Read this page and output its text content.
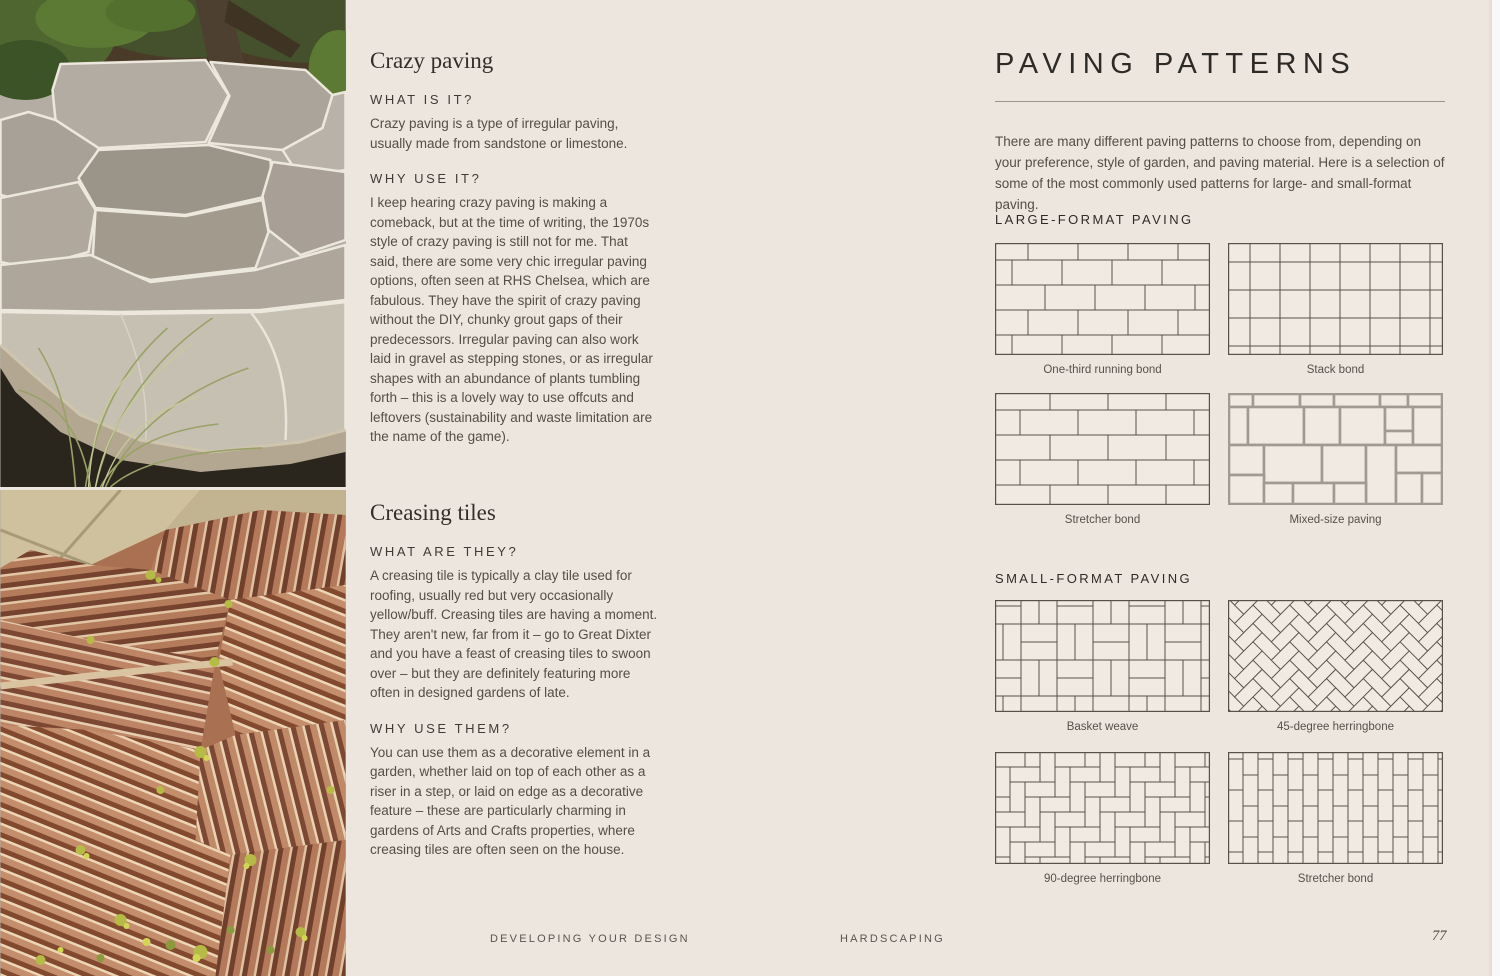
Crazy paving
WHAT IS IT?

Crazy paving is a type of irregular paving, usually made from sandstone or limestone.

WHY USE IT?

I keep hearing crazy paving is making a comeback, but at the time of writing, the 1970s style of crazy paving is still not for me. That said, there are some very chic irregular paving options, often seen at RHS Chelsea, which are fabulous. They have the spirit of crazy paving without the DIY, chunky grout gaps of their predecessors. Irregular paving can also work laid in gravel as stepping stones, or as irregular shapes with an abundance of plants tumbling forth – this is a lovely way to use offcuts and leftovers (sustainability and waste limitation are the name of the game).

Creasing tiles
WHAT ARE THEY?

A creasing tile is typically a clay tile used for roofing, usually red but very occasionally yellow/buff. Creasing tiles are having a moment. They aren't new, far from it – go to Great Dixter and you have a feast of creasing tiles to swoon over – but they are definitely featuring more often in designed gardens of late.

WHY USE THEM?

You can use them as a decorative element in a garden, whether laid on top of each other as a riser in a step, or laid on edge as a decorative feature – these are particularly charming in gardens of Arts and Crafts properties, where creasing tiles are often seen on the house.

PAVING PATTERNS

There are many different paving patterns to choose from, depending on your preference, style of garden, and paving material. Here is a selection of some of the most commonly used patterns for large- and small-format paving.

LARGE-FORMAT PAVING
One-third running bond	Stack bond
Stretcher bond	Mixed-size paving
SMALL-FORMAT PAVING
Basket weave	45-degree herringbone
90-degree herringbone	Stretcher bond
DEVELOPING YOUR DESIGN	HARDSCAPING	77
